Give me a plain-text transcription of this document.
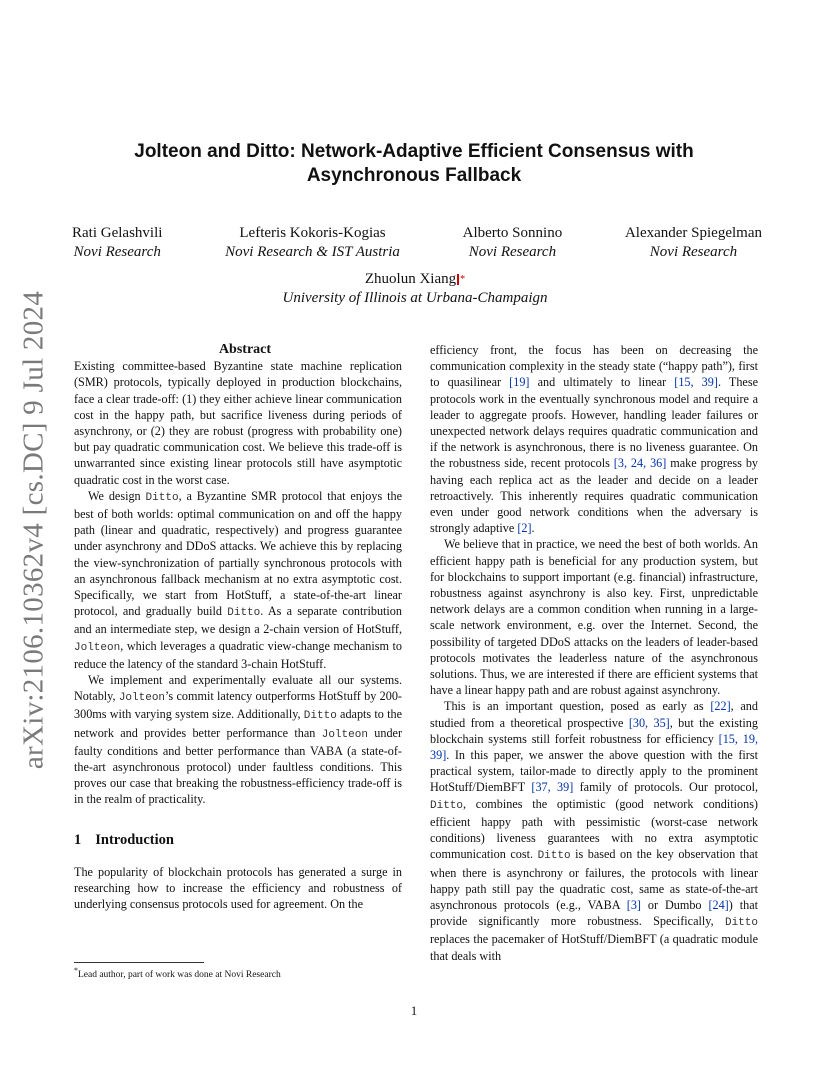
arXiv:2106.10362v4 [cs.DC] 9 Jul 2024
Jolteon and Ditto: Network-Adaptive Efficient Consensus with Asynchronous Fallback
Rati Gelashvili
Novi Research
Lefteris Kokoris-Kogias
Novi Research & IST Austria
Alberto Sonnino
Novi Research
Alexander Spiegelman
Novi Research
Zhuolun Xiang *
University of Illinois at Urbana-Champaign

Abstract

Existing committee-based Byzantine state machine replication (SMR) protocols, typically deployed in production blockchains, face a clear trade-off: (1) they either achieve linear communication cost in the happy path, but sacrifice liveness during periods of asynchrony, or (2) they are robust (progress with probability one) but pay quadratic communication cost. We believe this trade-off is unwarranted since existing linear protocols still have asymptotic quadratic cost in the worst case.

We design Ditto, a Byzantine SMR protocol that enjoys the best of both worlds: optimal communication on and off the happy path (linear and quadratic, respectively) and progress guarantee under asynchrony and DDoS attacks. We achieve this by replacing the view-synchronization of partially synchronous protocols with an asynchronous fallback mechanism at no extra asymptotic cost. Specifically, we start from HotStuff, a state-of-the-art linear protocol, and gradually build Ditto. As a separate contribution and an intermediate step, we design a 2-chain version of HotStuff, Jolteon, which leverages a quadratic view-change mechanism to reduce the latency of the standard 3-chain HotStuff.

We implement and experimentally evaluate all our systems. Notably, Jolteon’s commit latency outperforms HotStuff by 200-300ms with varying system size. Additionally, Ditto adapts to the network and provides better performance than Jolteon under faulty conditions and better performance than VABA (a state-of-the-art asynchronous protocol) under faultless conditions. This proves our case that breaking the robustness-efficiency trade-off is in the realm of practicality.

1 Introduction

The popularity of blockchain protocols has generated a surge in researching how to increase the efficiency and robustness of underlying consensus protocols used for agreement. On the

efficiency front, the focus has been on decreasing the communication complexity in the steady state (“happy path”), first to quasilinear [19] and ultimately to linear [15, 39]. These protocols work in the eventually synchronous model and require a leader to aggregate proofs. However, handling leader failures or unexpected network delays requires quadratic communication and if the network is asynchronous, there is no liveness guarantee. On the robustness side, recent protocols [3, 24, 36] make progress by having each replica act as the leader and decide on a leader retroactively. This inherently requires quadratic communication even under good network conditions when the adversary is strongly adaptive [2].

We believe that in practice, we need the best of both worlds. An efficient happy path is beneficial for any production system, but for blockchains to support important (e.g. financial) infrastructure, robustness against asynchrony is also key. First, unpredictable network delays are a common condition when running in a large-scale network environment, e.g. over the Internet. Second, the possibility of targeted DDoS attacks on the leaders of leader-based protocols motivates the leaderless nature of the asynchronous solutions. Thus, we are interested if there are efficient systems that have a linear happy path and are robust against asynchrony.

This is an important question, posed as early as [22], and studied from a theoretical prospective [30, 35], but the existing blockchain systems still forfeit robustness for efficiency [15, 19, 39]. In this paper, we answer the above question with the first practical system, tailor-made to directly apply to the prominent HotStuff/DiemBFT [37, 39] family of protocols. Our protocol, Ditto, combines the optimistic (good network conditions) efficient happy path with pessimistic (worst-case network conditions) liveness guarantees with no extra asymptotic communication cost. Ditto is based on the key observation that when there is asynchrony or failures, the protocols with linear happy path still pay the quadratic cost, same as state-of-the-art asynchronous protocols (e.g., VABA [3] or Dumbo [24]) that provide significantly more robustness. Specifically, Ditto replaces the pacemaker of HotStuff/DiemBFT (a quadratic module that deals with

*Lead author, part of work was done at Novi Research
1
